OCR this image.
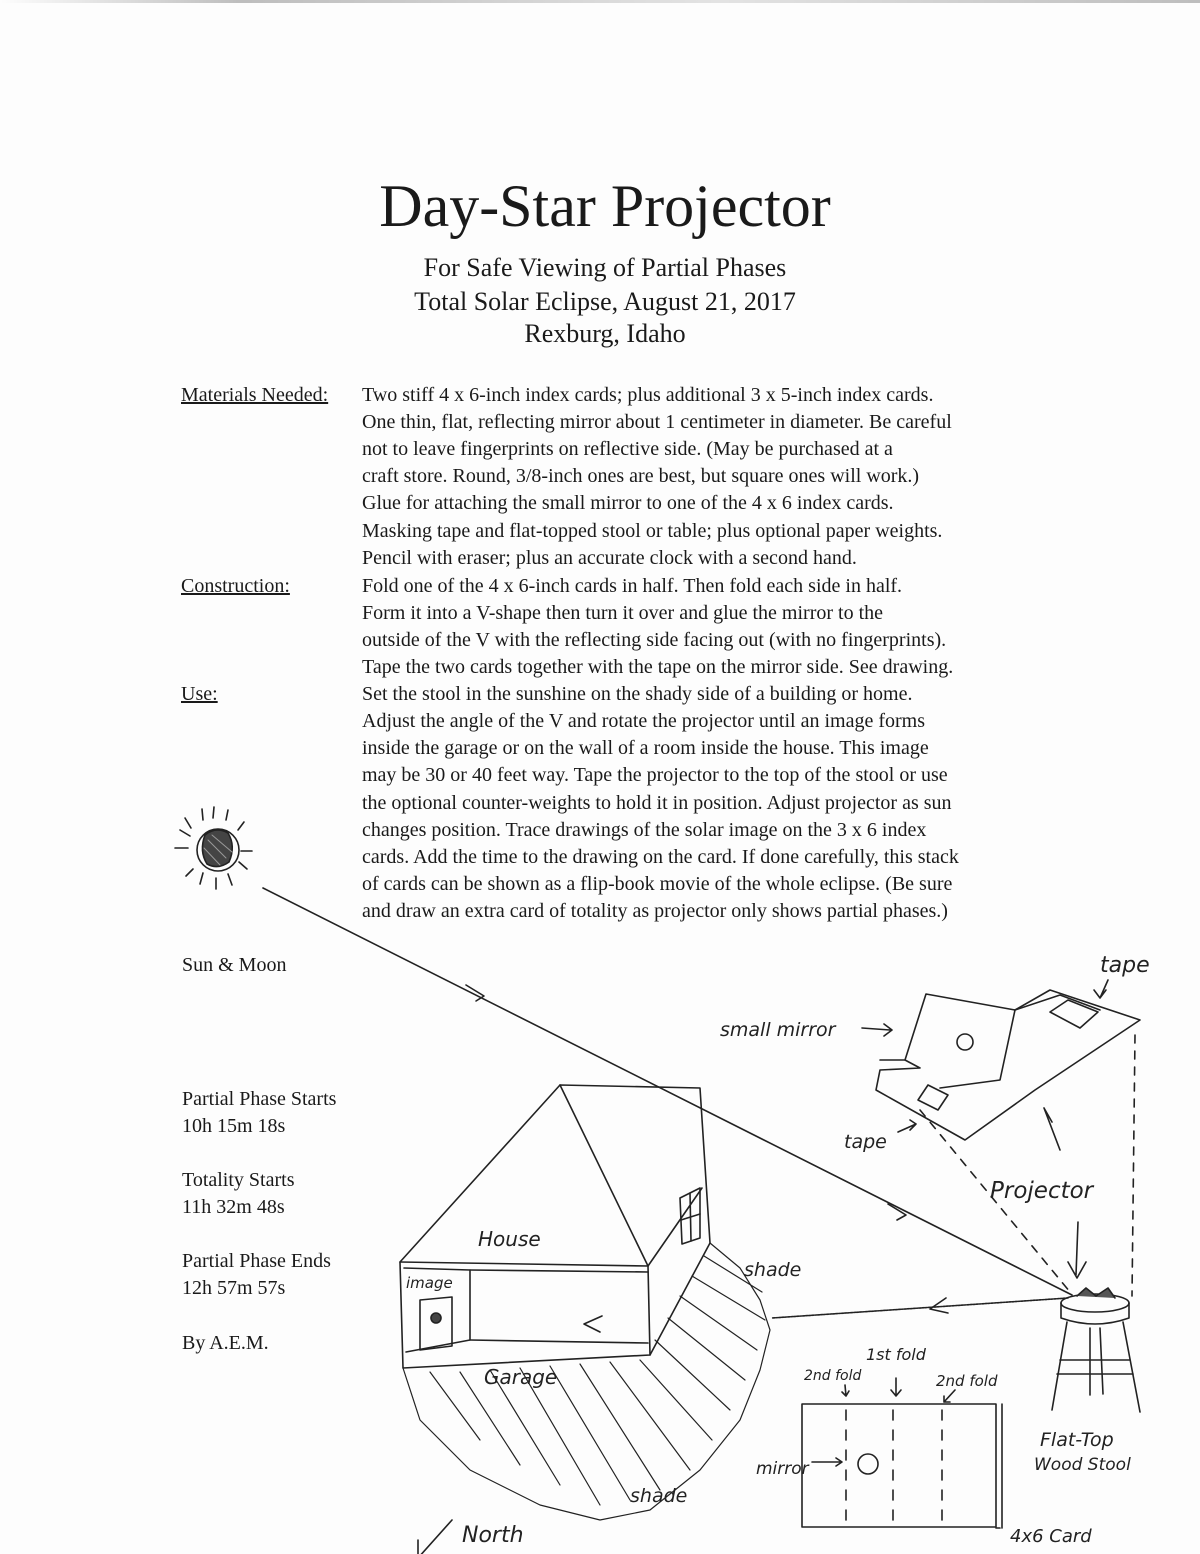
Day-Star Projector
For Safe Viewing of Partial Phases
Total Solar Eclipse, August 21, 2017
Rexburg, Idaho
Materials Needed:
Construction:
Use:
Two stiff 4 x 6-inch index cards; plus additional 3 x 5-inch index cards.
One thin, flat, reflecting mirror about 1 centimeter in diameter. Be careful
not to leave fingerprints on reflective side. (May be purchased at a
craft store. Round, 3/8-inch ones are best, but square ones will work.)
Glue for attaching the small mirror to one of the 4 x 6 index cards.
Masking tape and flat-topped stool or table; plus optional paper weights.
Pencil with eraser; plus an accurate clock with a second hand.
Fold one of the 4 x 6-inch cards in half. Then fold each side in half.
Form it into a V-shape then turn it over and glue the mirror to the
outside of the V with the reflecting side facing out (with no fingerprints).
Tape the two cards together with the tape on the mirror side. See drawing.
Set the stool in the sunshine on the shady side of a building or home.
Adjust the angle of the V and rotate the projector until an image forms
inside the garage or on the wall of a room inside the house. This image
may be 30 or 40 feet way. Tape the projector to the top of the stool or use
the optional counter-weights to hold it in position. Adjust projector as sun
changes position. Trace drawings of the solar image on the 3 x 6 index
cards. Add the time to the drawing on the card. If done carefully, this stack
of cards can be shown as a flip-book movie of the whole eclipse. (Be sure
and draw an extra card of totality as projector only shows partial phases.)
Sun & Moon
Partial Phase Starts
10h 15m 18s
Totality Starts
11h 32m 48s
Partial Phase Ends
12h 57m 57s
By A.E.M.
tape
small mirror
tape
Projector
House
image
Garage
shade
shade
North
1st fold
2nd fold	2nd fold
mirror
Flat-Top
Wood Stool
4x6 Card
